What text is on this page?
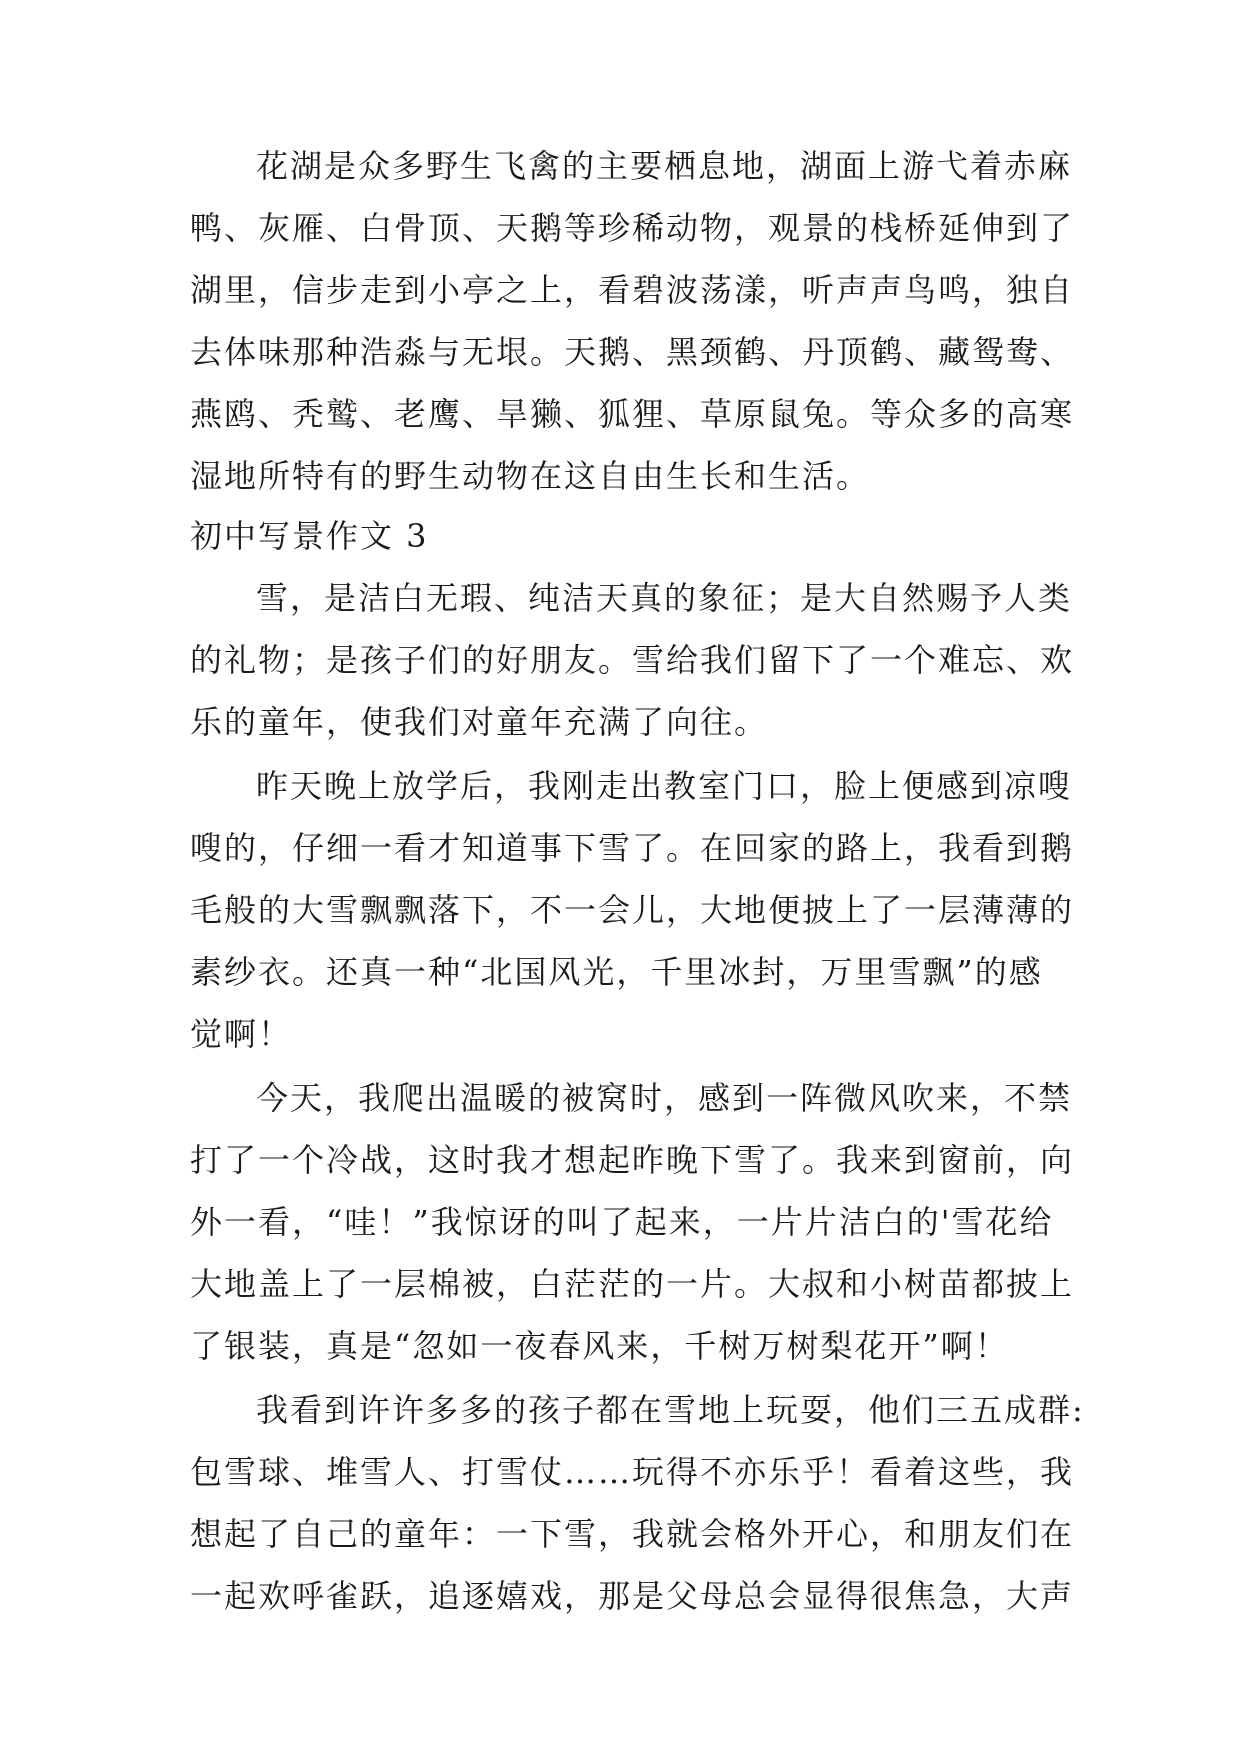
花湖是众多野生飞禽的主要栖息地，湖面上游弋着赤麻
鸭、灰雁、白骨顶、天鹅等珍稀动物，观景的栈桥延伸到了
湖里，信步走到小亭之上，看碧波荡漾，听声声鸟鸣，独自
去体味那种浩淼与无垠。天鹅、黑颈鹤、丹顶鹤、藏鸳鸯、
燕鸥、秃鹫、老鹰、旱獭、狐狸、草原鼠兔。等众多的高寒
湿地所特有的野生动物在这自由生长和生活。
初中写景作文 3
雪，是洁白无瑕、纯洁天真的象征；是大自然赐予人类
的礼物；是孩子们的好朋友。雪给我们留下了一个难忘、欢
乐的童年，使我们对童年充满了向往。
昨天晚上放学后，我刚走出教室门口，脸上便感到凉嗖
嗖的，仔细一看才知道事下雪了。在回家的路上，我看到鹅
毛般的大雪飘飘落下，不一会儿，大地便披上了一层薄薄的
素纱衣。还真一种“北国风光，千里冰封，万里雪飘”的感
觉啊！
今天，我爬出温暖的被窝时，感到一阵微风吹来，不禁
打了一个冷战，这时我才想起昨晚下雪了。我来到窗前，向
外一看，“哇！”我惊讶的叫了起来，一片片洁白的'雪花给
大地盖上了一层棉被，白茫茫的一片。大叔和小树苗都披上
了银装，真是“忽如一夜春风来，千树万树梨花开”啊！
我看到许许多多的孩子都在雪地上玩耍，他们三五成群:
包雪球、堆雪人、打雪仗……玩得不亦乐乎！看着这些，我
想起了自己的童年：一下雪，我就会格外开心，和朋友们在
一起欢呼雀跃，追逐嬉戏，那是父母总会显得很焦急，大声
